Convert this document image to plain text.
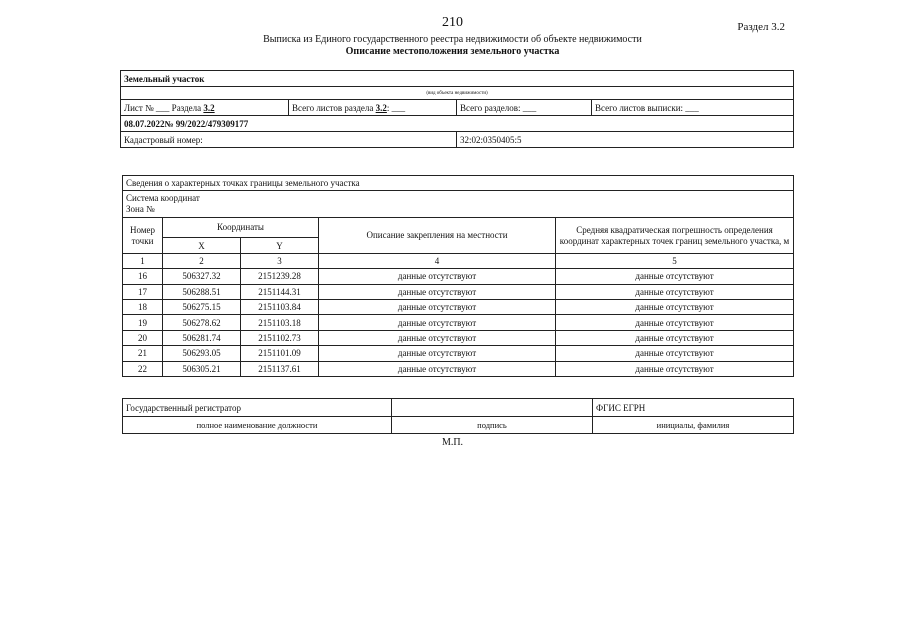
210	Раздел 3.2
Выписка из Единого государственного реестра недвижимости об объекте недвижимости
Описание местоположения земельного участка
Земельный участок			
(вид объекта недвижимости)			
Лист № ___ Раздела 3.2	Всего листов раздела 3.2: ___	Всего разделов: ___	Всего листов выписки: ___
08.07.2022№ 99/2022/479309177			
Кадастровый номер:		32:02:0350405:5	
Сведения о характерных точках границы земельного участка				

Система координат
Зона №				

Номер точки	Координаты		Описание закрепления на местности	Средняя квадратическая погрешность определения координат характерных точек границ земельного участка, м
	X	Y		
1	2	3	4	5
16	506327.32	2151239.28	данные отсутствуют	данные отсутствуют
17	506288.51	2151144.31	данные отсутствуют	данные отсутствуют
18	506275.15	2151103.84	данные отсутствуют	данные отсутствуют
19	506278.62	2151103.18	данные отсутствуют	данные отсутствуют
20	506281.74	2151102.73	данные отсутствуют	данные отсутствуют
21	506293.05	2151101.09	данные отсутствуют	данные отсутствуют
22	506305.21	2151137.61	данные отсутствуют	данные отсутствуют
Государственный регистратор		ФГИС ЕГРН
полное наименование должности	подпись	инициалы, фамилия
М.П.
